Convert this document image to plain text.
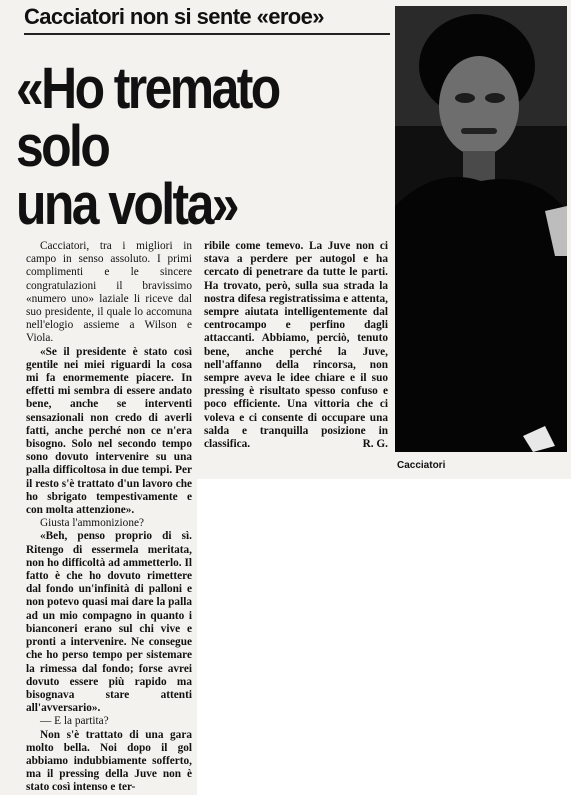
Cacciatori non si sente «eroe»
«Ho tremato
solo
una volta»
Cacciatori

Cacciatori, tra i migliori in campo in senso assoluto. I primi complimenti e le sincere congratulazioni il bravissimo «numero uno» laziale li riceve dal suo presidente, il quale lo accomuna nell'elogio assieme a Wilson e Viola.

«Se il presidente è stato così gentile nei miei riguardi la cosa mi fa enormemente piacere. In effetti mi sembra di essere andato bene, anche se interventi sensazionali non credo di averli fatti, anche perché non ce n'era bisogno. Solo nel secondo tempo sono dovuto intervenire su una palla difficoltosa in due tempi. Per il resto s'è trattato d'un lavoro che ho sbrigato tempestivamente e con molta attenzione».

Giusta l'ammonizione?

«Beh, penso proprio di sì. Ritengo di essermela meritata, non ho difficoltà ad ammetterlo. Il fatto è che ho dovuto rimettere dal fondo un'infinità di palloni e non potevo quasi mai dare la palla ad un mio compagno in quanto i bianconeri erano sul chi vive e pronti a intervenire. Ne consegue che ho perso tempo per sistemare la rimessa dal fondo; forse avrei dovuto essere più rapido ma bisognava stare attenti all'avversario».

— E la partita?

Non s'è trattato di una gara molto bella. Noi dopo il gol abbiamo indubbiamente sofferto, ma il pressing della Juve non è stato così intenso e ter-

ribile come temevo. La Juve non ci stava a perdere per autogol e ha cercato di penetrare da tutte le parti. Ha trovato, però, sulla sua strada la nostra difesa registratissima e attenta, sempre aiutata intelligentemente dal centrocampo e perfino dagli attaccanti. Abbiamo, perciò, tenuto bene, anche perché la Juve, nell'affanno della rincorsa, non sempre aveva le idee chiare e il suo pressing è risultato spesso confuso e poco efficiente. Una vittoria che ci voleva e ci consente di occupare una salda e tranquilla posizione in classifica.	R. G.
